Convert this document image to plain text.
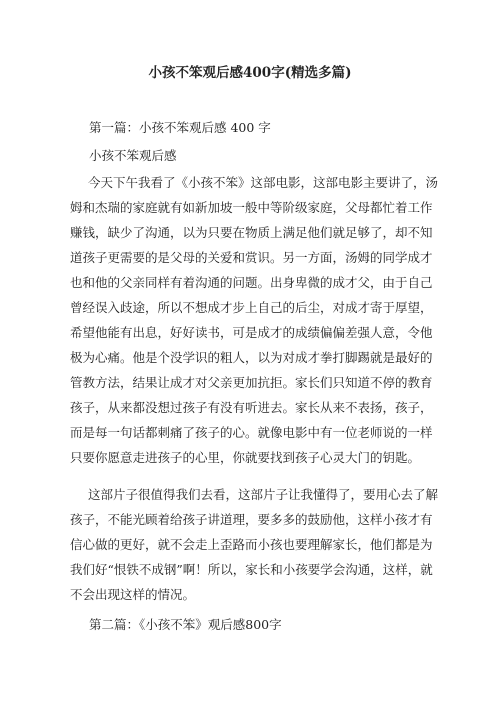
小孩不笨观后感400字(精选多篇)

第一篇：小孩不笨观后感 400 字

小孩不笨观后感

今天下午我看了《小孩不笨》这部电影，这部电影主要讲了，汤
姆和杰瑞的家庭就有如新加坡一般中等阶级家庭，父母都忙着工作
赚钱，缺少了沟通，以为只要在物质上满足他们就足够了，却不知
道孩子更需要的是父母的关爱和赏识。另一方面，汤姆的同学成才
也和他的父亲同样有着沟通的问题。出身卑微的成才父，由于自己
曾经误入歧途，所以不想成才步上自己的后尘，对成才寄于厚望，
希望他能有出息，好好读书，可是成才的成绩偏偏差强人意，令他
极为心痛。他是个没学识的粗人，以为对成才拳打脚踢就是最好的
管教方法，结果让成才对父亲更加抗拒。家长们只知道不停的教育
孩子，从来都没想过孩子有没有听进去。家长从来不表扬，孩子，
而是每一句话都刺痛了孩子的心。就像电影中有一位老师说的一样
只要你愿意走进孩子的心里，你就要找到孩子心灵大门的钥匙。
这部片子很值得我们去看，这部片子让我懂得了，要用心去了解
孩子，不能光顾着给孩子讲道理，要多多的鼓励他，这样小孩才有
信心做的更好，就不会走上歪路而小孩也要理解家长，他们都是为
我们好“恨铁不成钢”啊！所以，家长和小孩要学会沟通，这样，就
不会出现这样的情况。

第二篇：《小孩不笨》观后感800字
